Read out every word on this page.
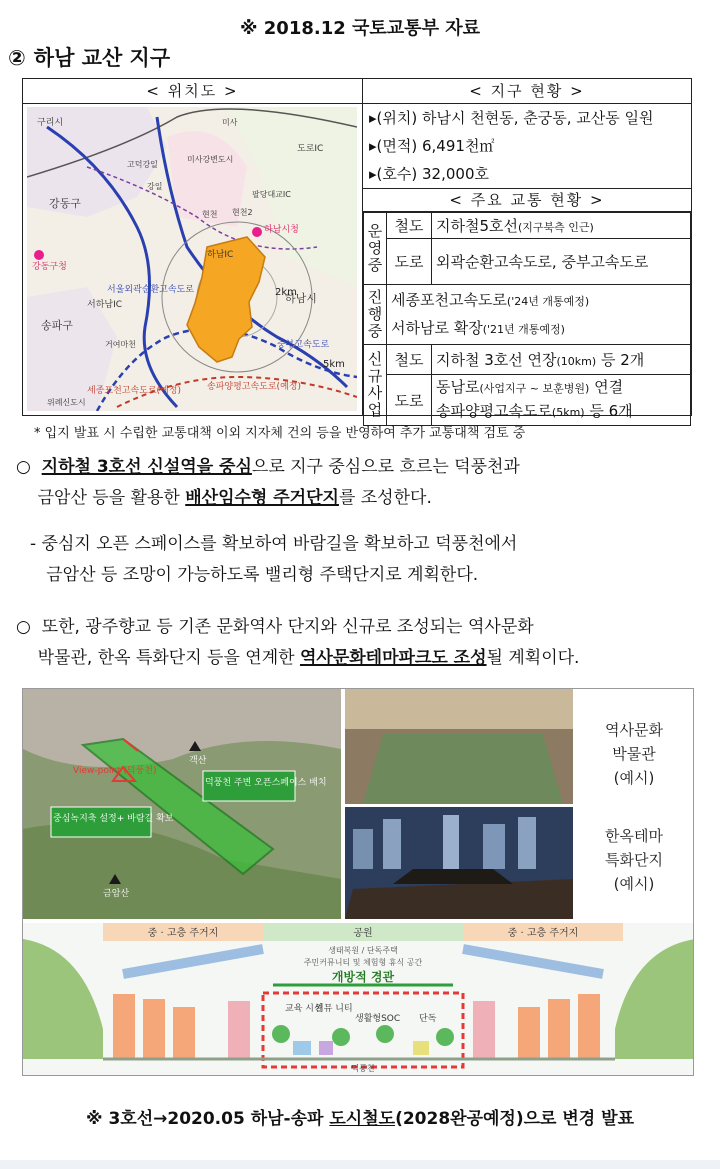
※ 2018.12 국토교통부 자료
② 하남 교산 지구
< 위치도 >
구리시
강동구
강동구청
송파구
하남시
하남시청
서울외곽순환고속도로
세종포천고속도로(예정)	송파양평고속도로(예정)
중부고속도로
서하남IC
하남IC
도로IC
2km
5km
현천 현천2
미사
미사강변도시
고덕강일
강일
거여마천
위례신도시
팔당대교IC
< 지구 현황 >
▸(위치) 하남시 천현동, 춘궁동, 교산동 일원
▸(면적) 6,491천㎡
▸(호수) 32,000호
< 주요 교통 현황 >
운영중	철도	지하철5호선(지구북측 인근)
	도로	외곽순환고속도로, 중부고속도로
진행중	세종포천고속도로('24년 개통예정)
서하남로 확장('21년 개통예정)	

신규사업	철도	지하철 3호선 연장(10km) 등 2개
	도로	동남로(사업지구 ~ 보훈병원) 연결
송파양평고속도로(5km) 등 6개
* 입지 발표 시 수립한 교통대책 이외 지자체 건의 등을 반영하여 추가 교통대책 검토 중
○ 지하철 3호선 신설역을 중심으로 지구 중심으로 흐르는 덕풍천과
금암산 등을 활용한 배산임수형 주거단지를 조성한다.
- 중심지 오픈 스페이스를 확보하여 바람길을 확보하고 덕풍천에서
금암산 등 조망이 가능하도록 밸리형 주택단지로 계획한다.
○ 또한, 광주향교 등 기존 문화역사 단지와 신규로 조성되는 역사문화
박물관, 한옥 특화단지 등을 연계한 역사문화테마파크도 조성될 계획이다.
중심녹지축 설정+ 바람길 확보
덕풍천 주변 오픈스페이스 배치
View-point (덕풍천)
객산
금암산
역사문화
박물관
(예시)
한옥테마
특화단지
(예시)
중 · 고층 주거지	공원	중 · 고층 주거지
생태복원 / 단독주택
주민커뮤니티 및 체험형 휴식 공간
개방적 경관
교육 시설
커뮤 니티
생활형SOC 단독
덕풍천
※ 3호선→2020.05 하남-송파 도시철도(2028완공예정)으로 변경 발표
